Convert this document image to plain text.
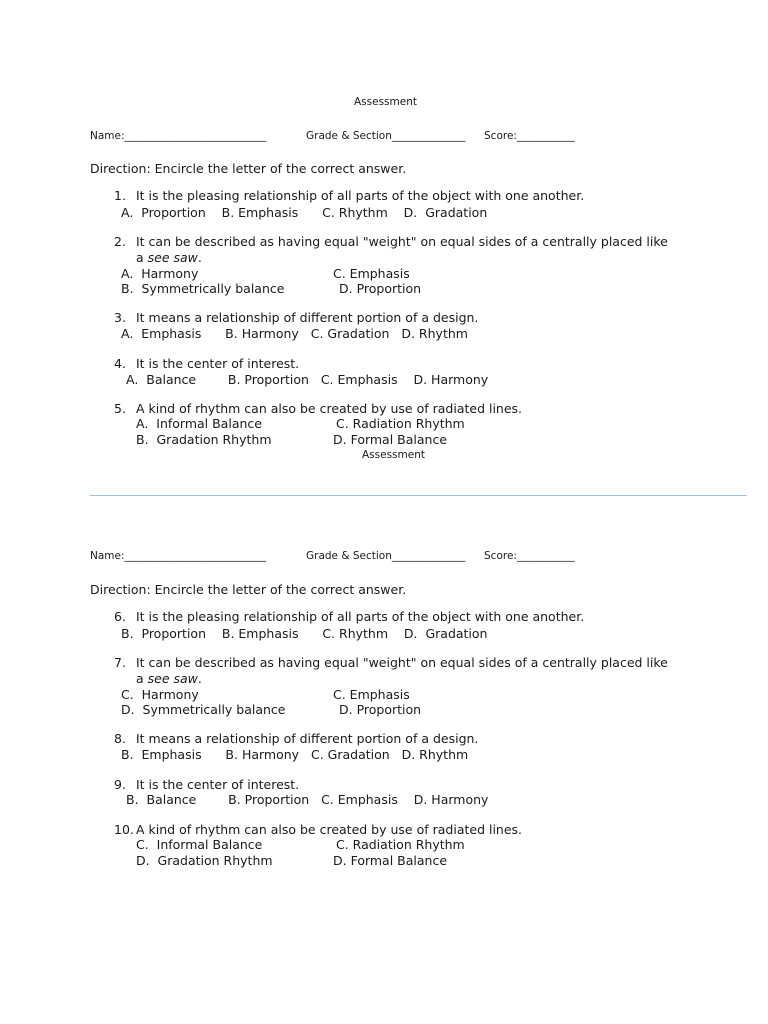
Assessment
Name:___________________________	Grade & Section______________ Score:___________
Direction: Encircle the letter of the correct answer.
1. It is the pleasing relationship of all parts of the object with one another.
A.  Proportion    B. Emphasis      C. Rhythm    D.  Gradation
2. It can be described as having equal "weight" on equal sides of a centrally placed like
a see saw.
A.  Harmony	C. Emphasis
B.  Symmetrically balance	D. Proportion
3. It means a relationship of different portion of a design.
A.  Emphasis      B. Harmony   C. Gradation   D. Rhythm
4. It is the center of interest.
A.  Balance        B. Proportion   C. Emphasis    D. Harmony
5. A kind of rhythm can also be created by use of radiated lines.
A.  Informal Balance	C. Radiation Rhythm
B.  Gradation Rhythm	D. Formal Balance
Assessment
Name:___________________________	Grade & Section______________ Score:___________
Direction: Encircle the letter of the correct answer.
6. It is the pleasing relationship of all parts of the object with one another.
B.  Proportion    B. Emphasis      C. Rhythm    D.  Gradation
7. It can be described as having equal "weight" on equal sides of a centrally placed like
a see saw.
C.  Harmony	C. Emphasis
D.  Symmetrically balance	D. Proportion
8. It means a relationship of different portion of a design.
B.  Emphasis      B. Harmony   C. Gradation   D. Rhythm
9. It is the center of interest.
B.  Balance        B. Proportion   C. Emphasis    D. Harmony
10. A kind of rhythm can also be created by use of radiated lines.
C.  Informal Balance	C. Radiation Rhythm
D.  Gradation Rhythm	D. Formal Balance
